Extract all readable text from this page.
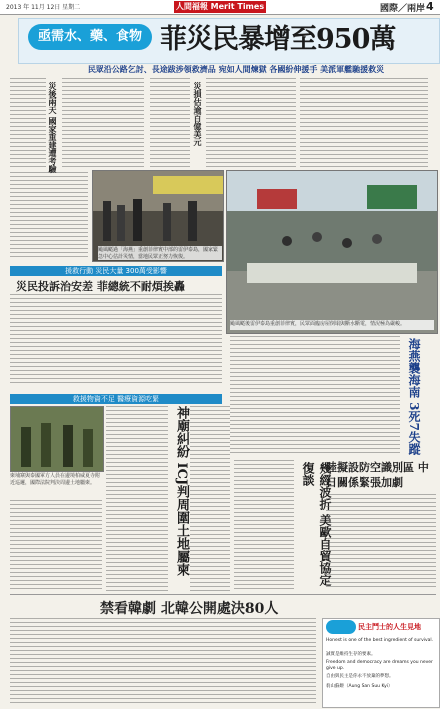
2013 年 11月 12日 星期二	人間福報 Merit Times	國際／兩岸 4
亟需水、藥、食物 菲災民暴增至950萬
民眾沿公路乞討、長途跋涉領救濟品 宛如人間煉獄 各國紛伸援手 美派軍艦馳援救災
災後兩天 國家重建遭考驗	災損估逾百億美元
颱風颳過「海燕」重創菲律賓中部的雷伊泰島，國家緊急中心估計災情，當地民眾正努力恢復。
颱風颳後雷伊泰島重創菲律賓，民眾面臨房屋倒塌與斷水斷電，情況極為嚴峻。
援救行動 災民大量 300萬受影響
災民投訴治安差 菲總統不耐煩挨轟
海燕襲海南 3死7失蹤
救援物資不足 醫療資源吃緊
柬埔寨與泰國軍方人員在邊境柏威夏寺附近巡邏，國際法院判決周邊土地屬柬。	神廟糾紛 ICJ判周圍土地屬柬	幾經波折 美歐自貿協定復談	陸擬設防空識別區 中日關係緊張加劇
禁看韓劇 北韓公開處決80人
民主鬥士的人生見地
Honest is one of the best ingredient of survival.
誠實是維持生存的要素。
Freedom and democracy are dreams you never give up.
自由與民主是你永不放棄的夢想。
翁山蘇姬（Aung San Suu Kyi）
